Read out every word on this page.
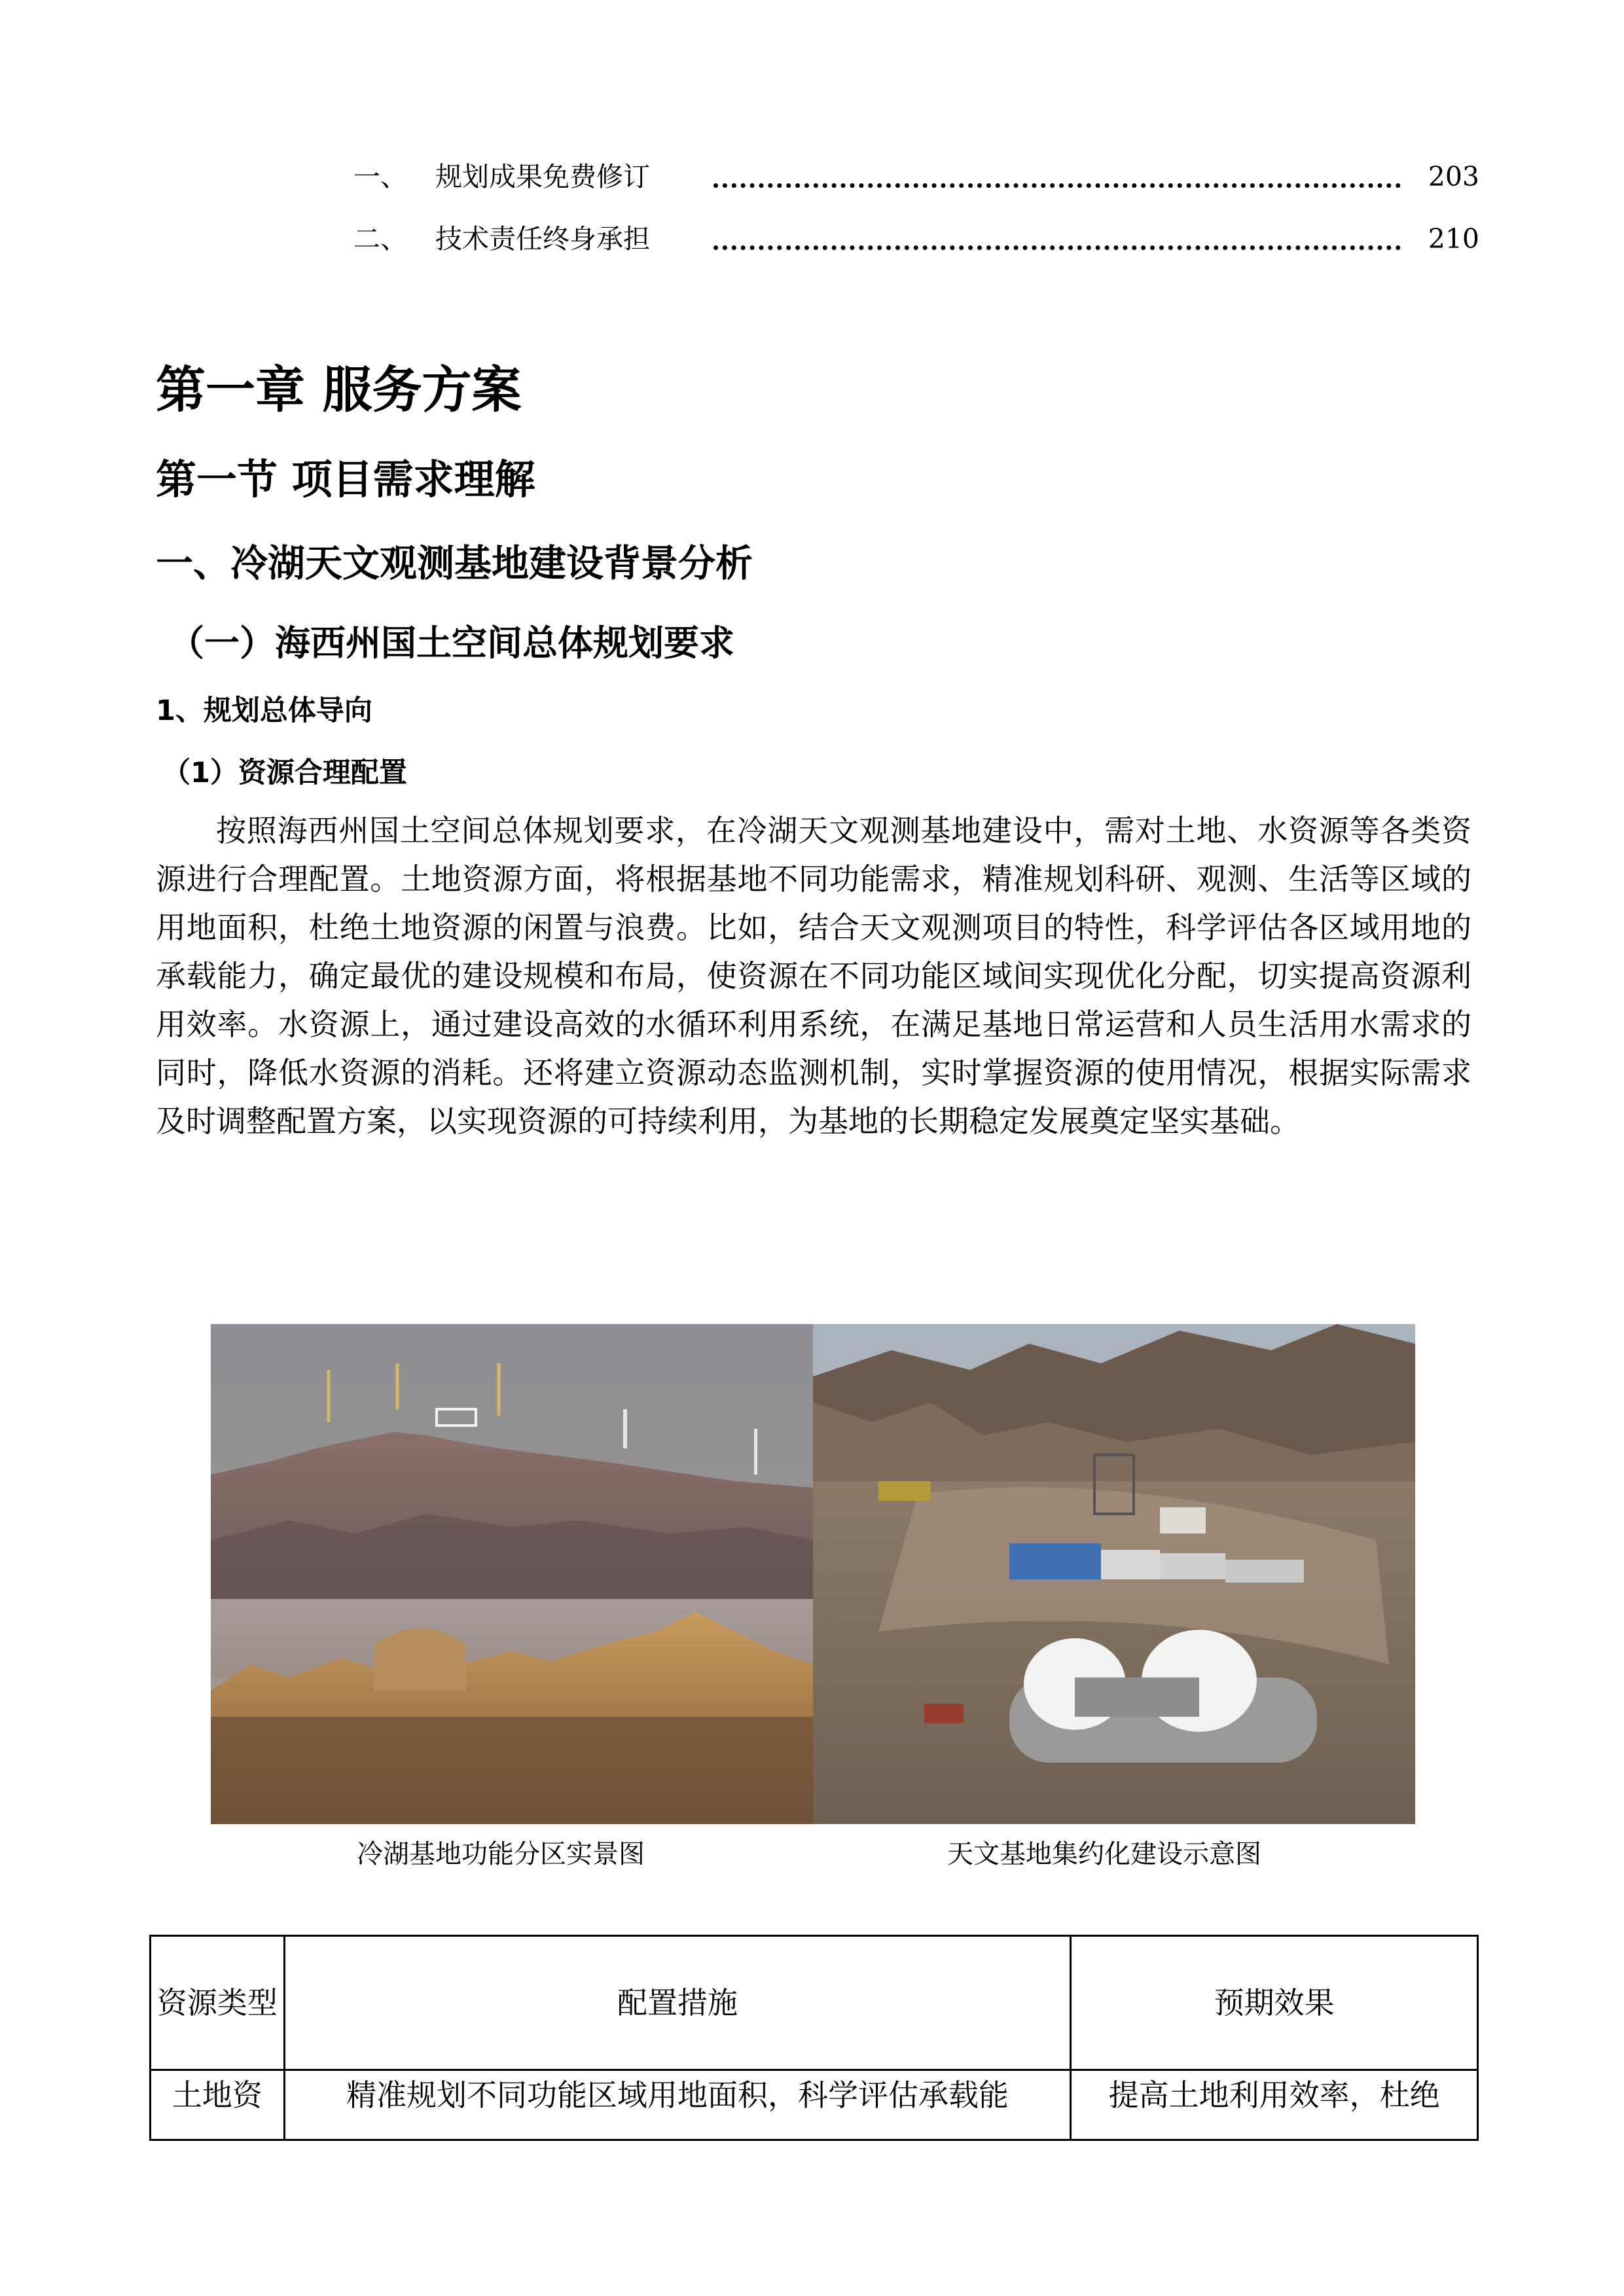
一、 规划成果免费修订	203
二、 技术责任终身承担	210
第一章 服务方案
第一节 项目需求理解
一、冷湖天文观测基地建设背景分析
（一）海西州国土空间总体规划要求
1、规划总体导向
（1）资源合理配置
按照海西州国土空间总体规划要求，在冷湖天文观测基地建设中，需对土地、水资源等各类资源进行合理配置。土地资源方面，将根据基地不同功能需求，精准规划科研、观测、生活等区域的用地面积，杜绝土地资源的闲置与浪费。比如，结合天文观测项目的特性，科学评估各区域用地的承载能力，确定最优的建设规模和布局，使资源在不同功能区域间实现优化分配，切实提高资源利用效率。水资源上，通过建设高效的水循环利用系统，在满足基地日常运营和人员生活用水需求的同时，降低水资源的消耗。还将建立资源动态监测机制，实时掌握资源的使用情况，根据实际需求及时调整配置方案，以实现资源的可持续利用，为基地的长期稳定发展奠定坚实基础。
冷湖基地功能分区实景图	天文基地集约化建设示意图
资源类型	配置措施	预期效果
土地资	精准规划不同功能区域用地面积，科学评估承载能	提高土地利用效率，杜绝
